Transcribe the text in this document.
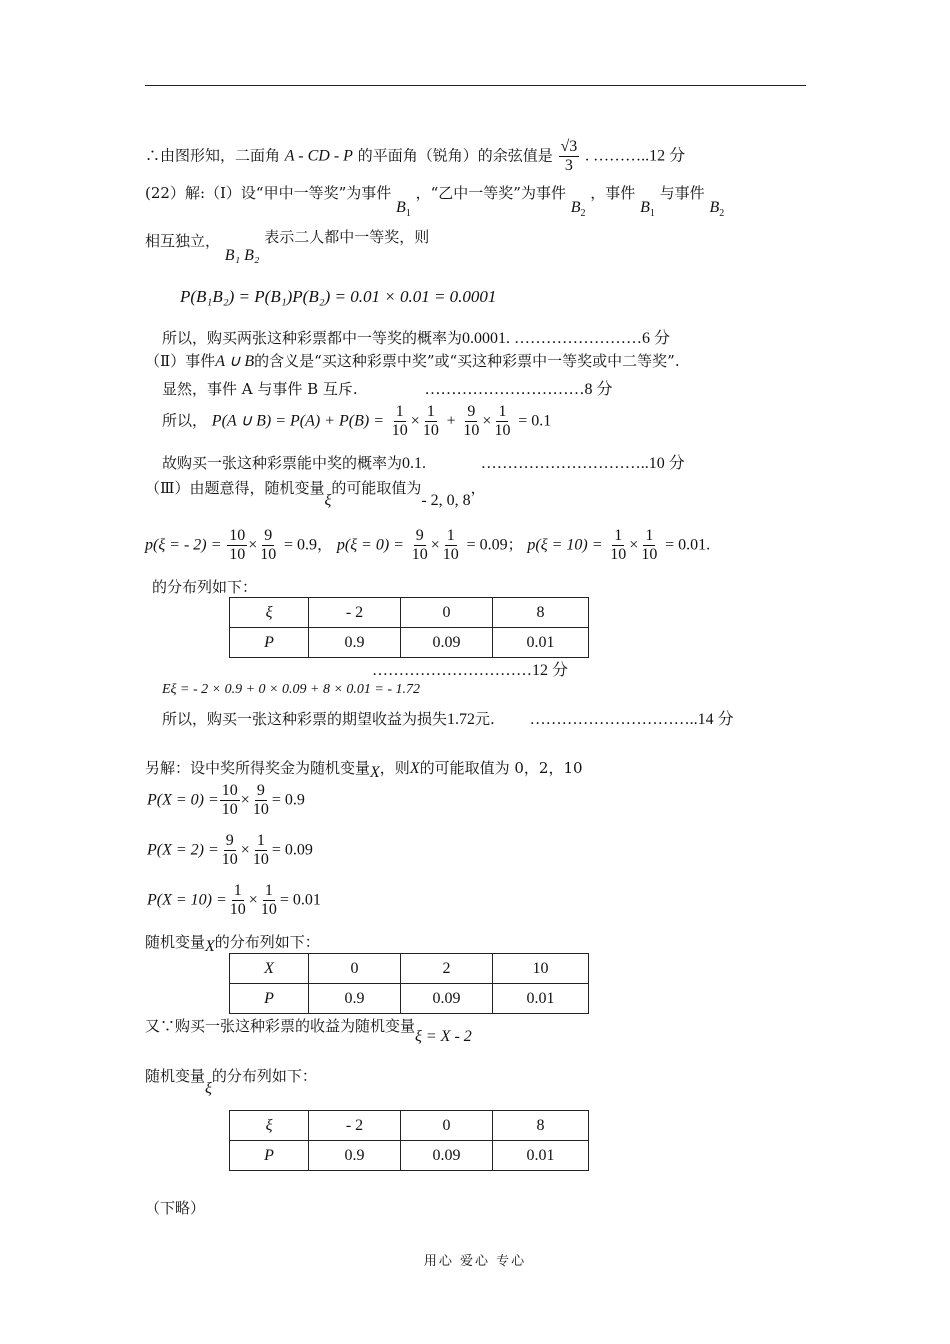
∴由图形知，二面角 A - CD - P 的平面角（锐角）的余弦值是 $\frac{√3}{3}$ . ………..12 分
(22）解:（Ⅰ）设“甲中一等奖”为事件 $B_1$ ，“乙中一等奖”为事件 $B_2$ ，事件 $B_1$ 与事件 $B_2$
相互独立， B₁ B₂ 表示二人都中一等奖，则
P(B₁B₂) = P(B₁)P(B₂) = 0.01 × 0.01 = 0.0001
所以，购买两张这种彩票都中一等奖的概率为0.0001. ……………………6 分
（Ⅱ）事件A ∪ B的含义是“买这种彩票中奖”或“买这种彩票中一等奖或中二等奖”.
显然，事件 A 与事件 B 互斥.	…………………………8 分
所以， P(A ∪ $B) = P(A) + P(B) = \frac{1}{10} \times \frac{1}{10} + \frac{9}{10} \times \frac{1}{10} = 0.1$
故购买一张这种彩票能中奖的概率为0.1.	…………………………..10 分
（Ⅲ）由题意得，随机变量ξ的可能取值为- 2, 0, 8，
p(ξ = - $2) = \frac{10}{10} \times \frac{9}{10} = 0.9$， $p(\xi = 0) = \frac{9}{10} \times \frac{1}{10} = 0.09$； $p(\xi = 10) = \frac{1}{10} \times \frac{1}{10} = 0.01$.
的分布列如下：
ξ	- 2	0	8
P	0.9	0.09	0.01
…………………………12 分
Eξ = - 2 × 0.9 + 0 × 0.09 + 8 × 0.01 = - 1.72
所以，购买一张这种彩票的期望收益为损失1.72元. …………………………..14 分
另解：设中奖所得奖金为随机变量X，则X的可能取值为 0，2，10
$P(X = 0) = \frac{10}{10} \times \frac{9}{10} = 0.9$
$P(X = 2) = \frac{9}{10} \times \frac{1}{10} = 0.09$
$P(X = 10) = \frac{1}{10} \times \frac{1}{10} = 0.01$
随机变量X的分布列如下：
X	0	2	10
P	0.9	0.09	0.01
又∵购买一张这种彩票的收益为随机变量ξ = X - 2
随机变量ξ的分布列如下：
ξ	- 2	0	8
P	0.9	0.09	0.01
（下略）
用心 爱心 专心
